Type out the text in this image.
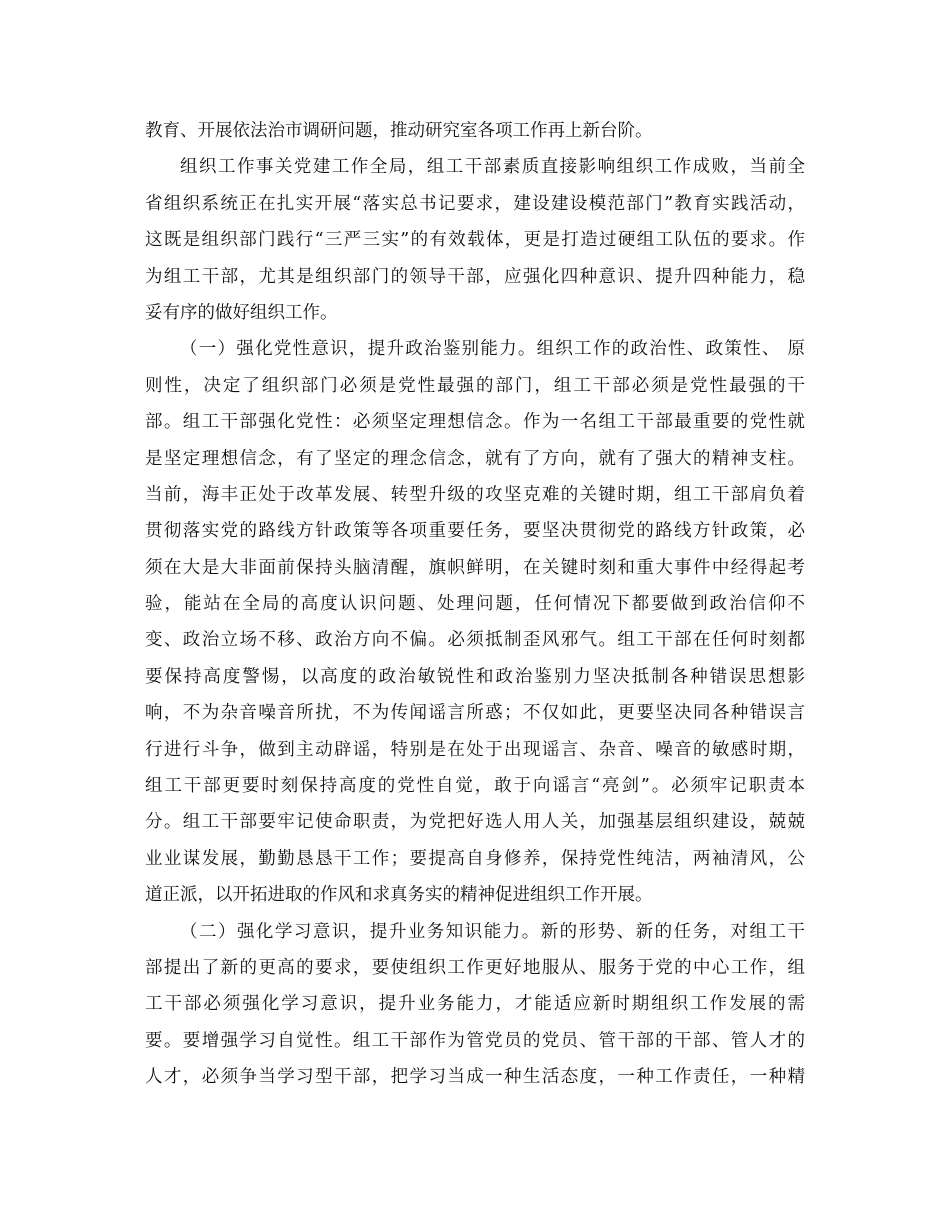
教育、开展依法治市调研问题，推动研究室各项工作再上新台阶。
组织工作事关党建工作全局，组工干部素质直接影响组织工作成败，当前全
省组织系统正在扎实开展“落实总书记要求，建设建设模范部门”教育实践活动，
这既是组织部门践行“三严三实”的有效载体，更是打造过硬组工队伍的要求。作
为组工干部，尤其是组织部门的领导干部，应强化四种意识、提升四种能力，稳
妥有序的做好组织工作。
（一）强化党性意识，提升政治鉴别能力。组织工作的政治性、政策性、 原
则性，决定了组织部门必须是党性最强的部门，组工干部必须是党性最强的干
部。组工干部强化党性：必须坚定理想信念。作为一名组工干部最重要的党性就
是坚定理想信念，有了坚定的理念信念，就有了方向，就有了强大的精神支柱。
当前，海丰正处于改革发展、转型升级的攻坚克难的关键时期，组工干部肩负着
贯彻落实党的路线方针政策等各项重要任务，要坚决贯彻党的路线方针政策，必
须在大是大非面前保持头脑清醒，旗帜鲜明，在关键时刻和重大事件中经得起考
验，能站在全局的高度认识问题、处理问题，任何情况下都要做到政治信仰不
变、政治立场不移、政治方向不偏。必须抵制歪风邪气。组工干部在任何时刻都
要保持高度警惕，以高度的政治敏锐性和政治鉴别力坚决抵制各种错误思想影
响，不为杂音噪音所扰，不为传闻谣言所惑；不仅如此，更要坚决同各种错误言
行进行斗争，做到主动辟谣，特别是在处于出现谣言、杂音、噪音的敏感时期，
组工干部更要时刻保持高度的党性自觉，敢于向谣言“亮剑”。必须牢记职责本
分。组工干部要牢记使命职责，为党把好选人用人关，加强基层组织建设，兢兢
业业谋发展，勤勤恳恳干工作；要提高自身修养，保持党性纯洁，两袖清风，公
道正派，以开拓进取的作风和求真务实的精神促进组织工作开展。
（二）强化学习意识，提升业务知识能力。新的形势、新的任务，对组工干
部提出了新的更高的要求，要使组织工作更好地服从、服务于党的中心工作，组
工干部必须强化学习意识，提升业务能力，才能适应新时期组织工作发展的需
要。要增强学习自觉性。组工干部作为管党员的党员、管干部的干部、管人才的
人才，必须争当学习型干部，把学习当成一种生活态度，一种工作责任，一种精
